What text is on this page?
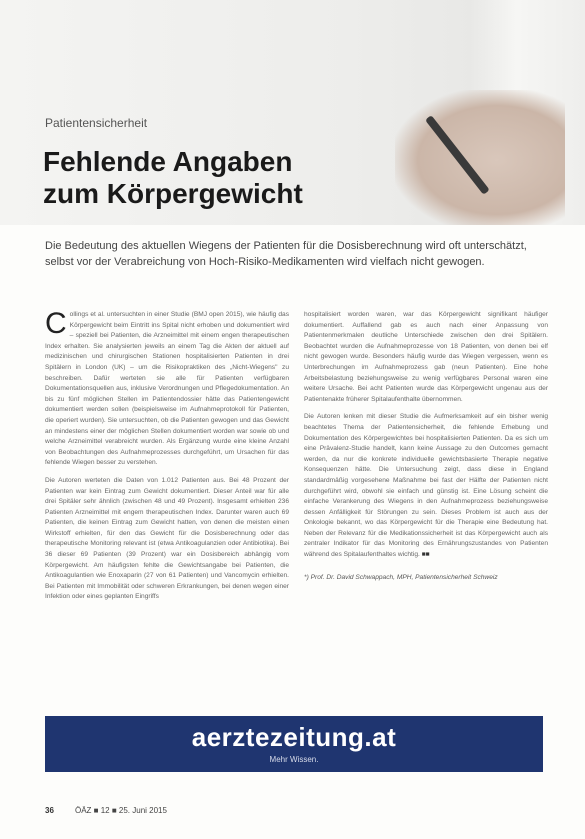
Patientensicherheit

Fehlende Angaben
zum Körpergewicht

Die Bedeutung des aktuellen Wiegens der Patienten für die Dosisberechnung wird oft unterschätzt, selbst vor der Verabreichung von Hoch-Risiko-Medikamenten wird vielfach nicht gewogen.

Collings et al. untersuchten in einer Studie (BMJ open 2015), wie häufig das Körpergewicht beim Eintritt ins Spital nicht erhoben und dokumentiert wird – speziell bei Patienten, die Arzneimittel mit einem engen therapeutischen Index erhalten. Sie analysierten jeweils an einem Tag die Akten der aktuell auf medizinischen und chirurgischen Stationen hospitalisierten Patienten in drei Spitälern in London (UK) – um die Risikopraktiken des „Nicht-Wiegens" zu beschreiben. Dafür werteten sie alle für Patienten verfügbaren Dokumentationsquellen aus, inklusive Verordnungen und Pflegedokumentation. An bis zu fünf möglichen Stellen im Patientendossier hätte das Patientengewicht dokumentiert werden sollen (beispielsweise im Aufnahmeprotokoll für Patienten, die operiert wurden). Sie untersuchten, ob die Patienten gewogen und das Gewicht an mindestens einer der möglichen Stellen dokumentiert worden war sowie ob und welche Arzneimittel verabreicht wurden. Als Ergänzung wurde eine kleine Anzahl von Beobachtungen des Aufnahmeprozesses durchgeführt, um Ursachen für das fehlende Wiegen besser zu verstehen.

Die Autoren werteten die Daten von 1.012 Patienten aus. Bei 48 Prozent der Patienten war kein Eintrag zum Gewicht dokumentiert. Dieser Anteil war für alle drei Spitäler sehr ähnlich (zwischen 48 und 49 Prozent). Insgesamt erhielten 236 Patienten Arzneimittel mit engem therapeutischen Index. Darunter waren auch 69 Patienten, die keinen Eintrag zum Gewicht hatten, von denen die meisten einen Wirkstoff erhielten, für den das Gewicht für die Dosisberechnung oder das therapeutische Monitoring relevant ist (etwa Antikoagulanzien oder Antibiotika). Bei 36 dieser 69 Patienten (39 Prozent) war ein Dosisbereich abhängig vom Körpergewicht. Am häufigsten fehlte die Gewichtsangabe bei Patienten, die Antikoagulantien wie Enoxaparin (27 von 61 Patienten) und Vancomycin erhielten. Bei Patienten mit Immobilität oder schweren Erkrankungen, bei denen wegen einer Infektion oder eines geplanten Eingriffs

hospitalisiert worden waren, war das Körpergewicht signifikant häufiger dokumentiert. Auffallend gab es auch nach einer Anpassung von Patientenmerkmalen deutliche Unterschiede zwischen den drei Spitälern. Beobachtet wurden die Aufnahmeprozesse von 18 Patienten, von denen bei elf nicht gewogen wurde. Besonders häufig wurde das Wiegen vergessen, wenn es Unterbrechungen im Aufnahmeprozess gab (neun Patienten). Eine hohe Arbeitsbelastung beziehungsweise zu wenig verfügbares Personal waren eine weitere Ursache. Bei acht Patienten wurde das Körpergewicht ungenau aus der Patientenakte früherer Spitalaufenthalte übernommen.

Die Autoren lenken mit dieser Studie die Aufmerksamkeit auf ein bisher wenig beachtetes Thema der Patientensicherheit, die fehlende Erhebung und Dokumentation des Körpergewichtes bei hospitalisierten Patienten. Da es sich um eine Prävalenz-Studie handelt, kann keine Aussage zu den Outcomes gemacht werden, da nur die konkrete individuelle gewichtsbasierte Therapie negative Konsequenzen hätte. Die Untersuchung zeigt, dass diese in England standardmäßig vorgesehene Maßnahme bei fast der Hälfte der Patienten nicht durchgeführt wird, obwohl sie einfach und günstig ist. Eine Lösung scheint die einfache Verankerung des Wiegens in den Aufnahmeprozess beziehungsweise dessen Anfälligkeit für Störungen zu sein. Dieses Problem ist auch aus der Onkologie bekannt, wo das Körpergewicht für die Therapie eine Bedeutung hat. Neben der Relevanz für die Medikationssicherheit ist das Körpergewicht auch als zentraler Indikator für das Monitoring des Ernährungszustandes von Patienten während des Spitalaufenthaltes wichtig. ■■

*) Prof. Dr. David Schwappach, MPH, Patientensicherheit Schweiz

aerztezeitung.at
Mehr Wissen.
36	ÖÄZ ■ 12 ■ 25. Juni 2015
